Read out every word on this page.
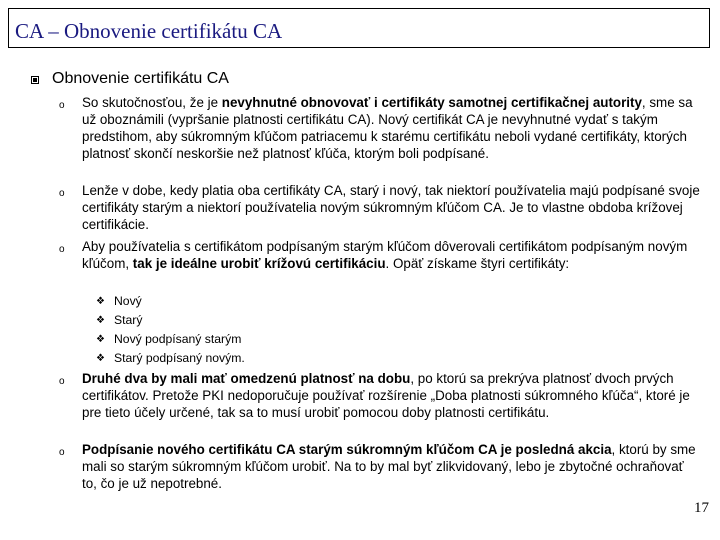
CA – Obnovenie certifikátu CA
Obnovenie certifikátu CA
o So skutočnosťou, že je nevyhnutné obnovovať i certifikáty samotnej certifikačnej autority, sme sa už oboznámili (vypršanie platnosti certifikátu CA). Nový certifikát CA je nevyhnutné vydať s takým predstihom, aby súkromným kľúčom patriacemu k starému certifikátu neboli vydané certifikáty, ktorých platnosť skončí neskoršie než platnosť kľúča, ktorým boli podpísané.
o Lenže v dobe, kedy platia oba certifikáty CA, starý i nový, tak niektorí používatelia majú podpísané svoje certifikáty starým a niektorí používatelia novým súkromným kľúčom CA. Je to vlastne obdoba krížovej certifikácie.
o Aby používatelia s certifikátom podpísaným starým kľúčom dôverovali certifikátom podpísaným novým kľúčom, tak je ideálne urobiť krížovú certifikáciu. Opäť získame štyri certifikáty:
❖ Nový
❖ Starý
❖ Nový podpísaný starým
❖ Starý podpísaný novým.
o Druhé dva by mali mať omedzenú platnosť na dobu, po ktorú sa prekrýva platnosť dvoch prvých certifikátov. Pretože PKI nedoporučuje používať rozšírenie „Doba platnosti súkromného kľúča“, ktoré je pre tieto účely určené, tak sa to musí urobiť pomocou doby platnosti certifikátu.
o Podpísanie nového certifikátu CA starým súkromným kľúčom CA je posledná akcia, ktorú by sme mali so starým súkromným kľúčom urobiť. Na to by mal byť zlikvidovaný, lebo je zbytočné ochraňovať to, čo je už nepotrebné.
17
